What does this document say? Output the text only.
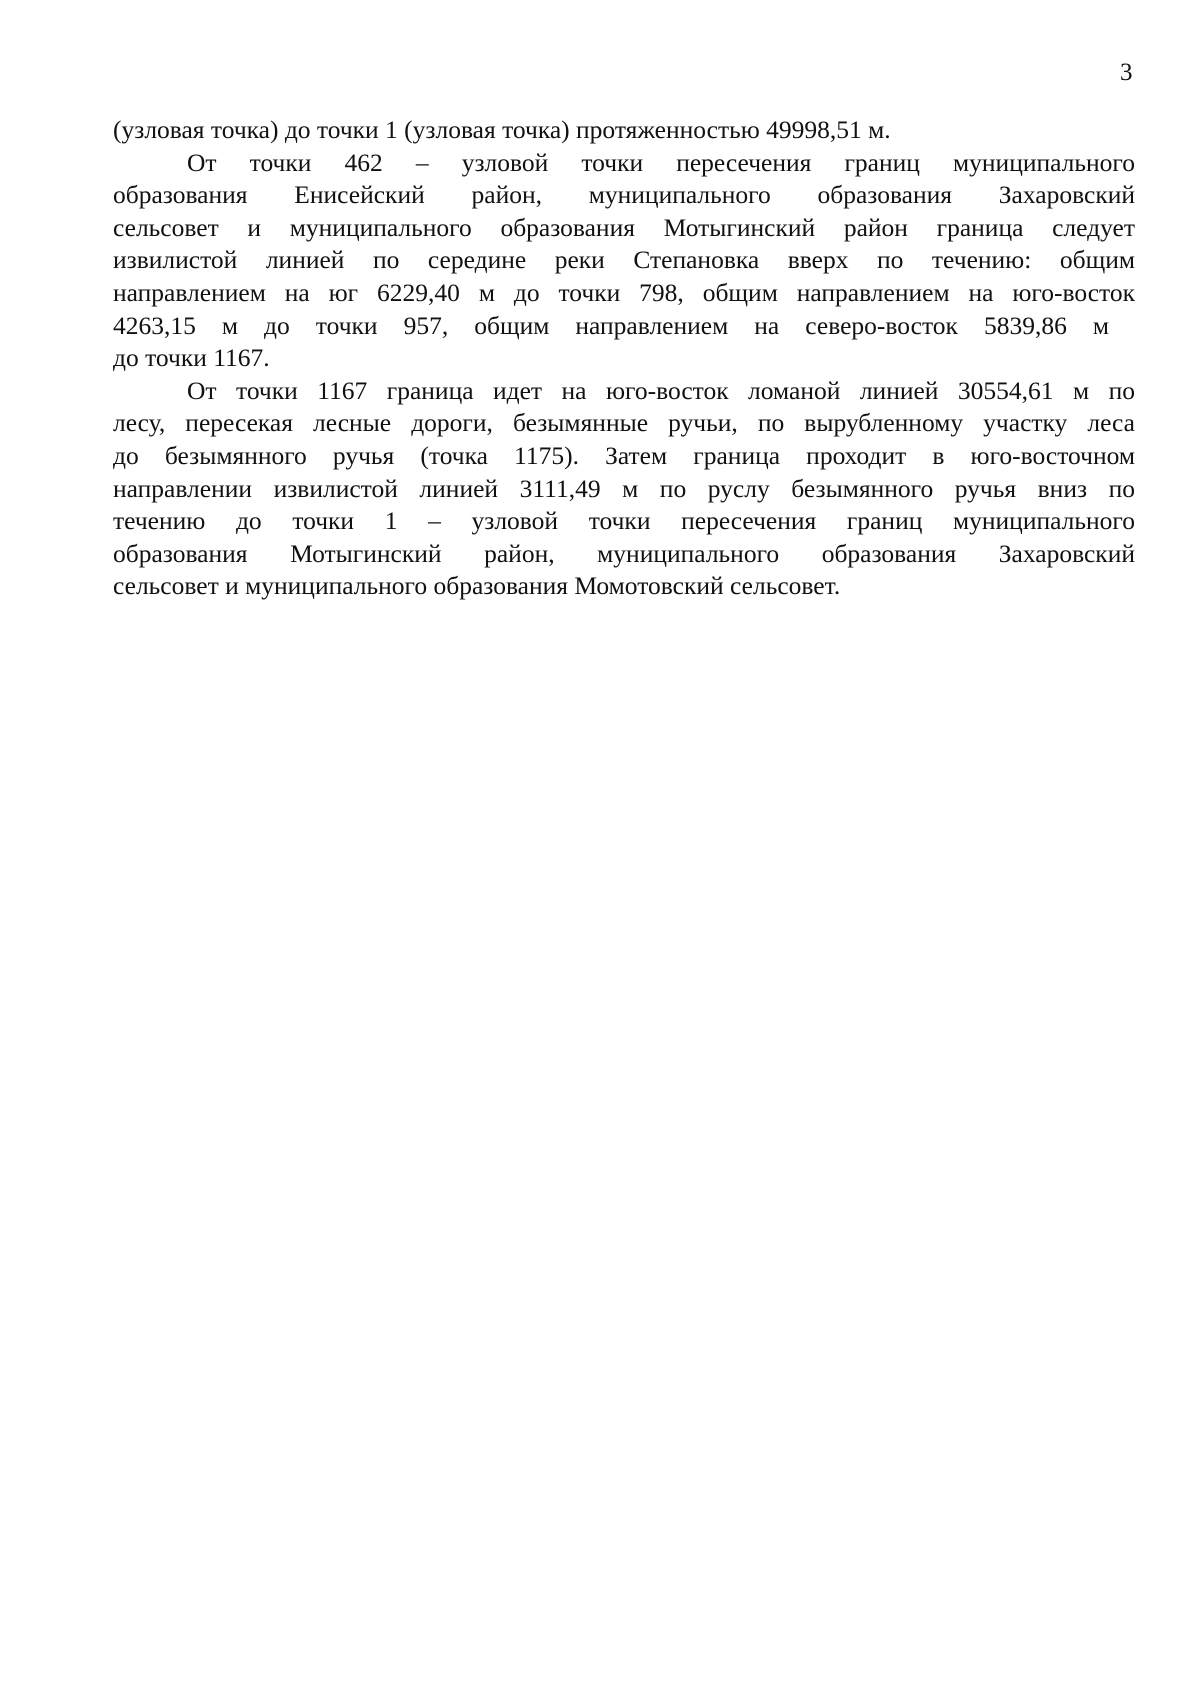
3
(узловая точка) до точки 1 (узловая точка) протяженностью 49998,51 м.
От точки 462 – узловой точки пересечения границ муниципального
образования Енисейский район, муниципального образования Захаровский
сельсовет и муниципального образования Мотыгинский район граница следует
извилистой линией по середине реки Степановка вверх по течению: общим
направлением на юг 6229,40 м до точки 798, общим направлением на юго-восток
4263,15 м до точки 957, общим направлением на северо-восток 5839,86 м
до точки 1167.
От точки 1167 граница идет на юго-восток ломаной линией 30554,61 м по
лесу, пересекая лесные дороги, безымянные ручьи, по вырубленному участку леса
до безымянного ручья (точка 1175). Затем граница проходит в юго-восточном
направлении извилистой линией 3111,49 м по руслу безымянного ручья вниз по
течению до точки 1 – узловой точки пересечения границ муниципального
образования Мотыгинский район, муниципального образования Захаровский
сельсовет и муниципального образования Момотовский сельсовет.
